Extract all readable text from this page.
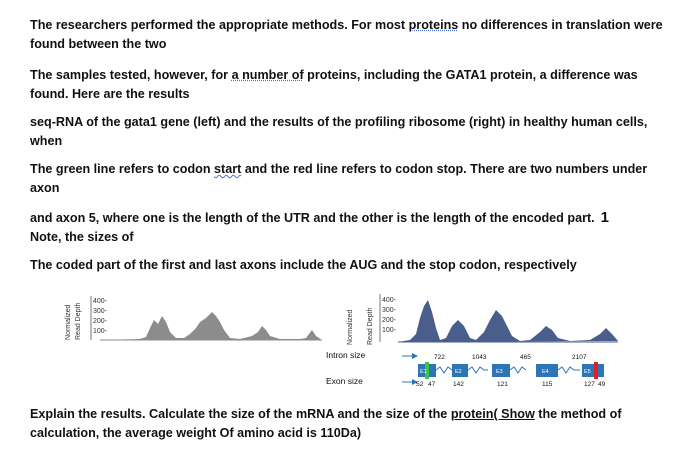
The researchers performed the appropriate methods. For most proteins no differences in translation were found between the two
The samples tested, however, for a number of proteins, including the GATA1 protein, a difference was found. Here are the results
seq-RNA of the gata1 gene (left) and the results of the profiling ribosome (right) in healthy human cells, when
The green line refers to codon start and the red line refers to codon stop. There are two numbers under axon
and axon 5, where one is the length of the UTR and the other is the length of the encoded part. 1
Note, the sizes of
The coded part of the first and last axons include the AUG and the stop codon, respectively
Normalized Read Depth
400-
300-
200-
100-	Normalized Read Depth
400-
300-
200-
100-
Intron size
Exon size
722	1043	465	2107
E1	E2	E3	E4	E5
52 47	142	121	115	127 49
Explain the results. Calculate the size of the mRNA and the size of the protein( Show the method of calculation, the average weight Of amino acid is 110Da)
